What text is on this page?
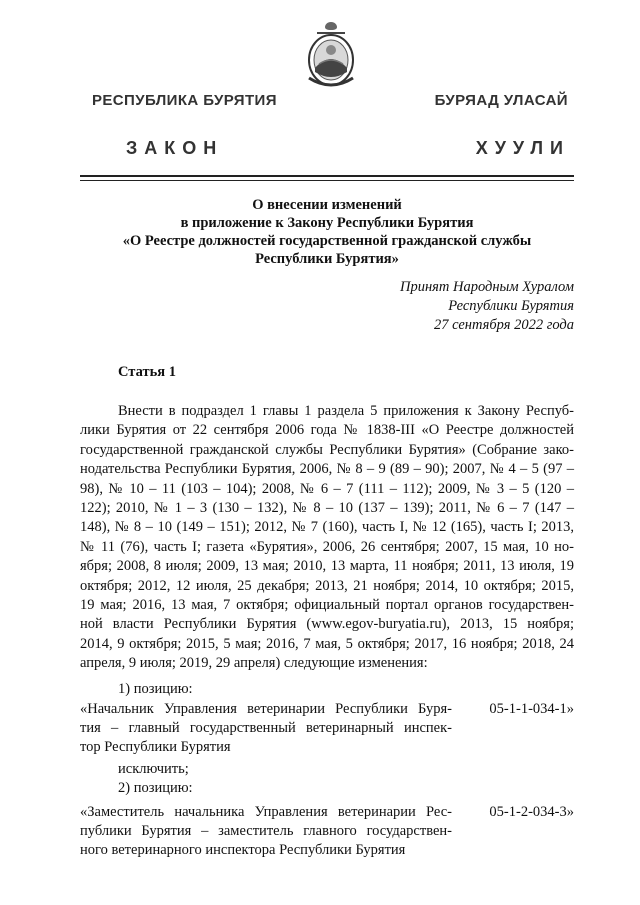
РЕСПУБЛИКА БУРЯТИЯ	БУРЯАД УЛАСАЙ
ЗАКОН	ХУУЛИ
О внесении изменений
в приложение к Закону Республики Бурятия
«О Реестре должностей государственной гражданской службы
Республики Бурятия»
Принят Народным Хуралом
Республики Бурятия
27 сентября 2022 года
Статья 1
Внести в подраздел 1 главы 1 раздела 5 приложения к Закону Респуб-
лики Бурятия от 22 сентября 2006 года № 1838-III «О Реестре должностей
государственной гражданской службы Республики Бурятия» (Собрание зако-
нодательства Республики Бурятия, 2006, № 8 – 9 (89 – 90); 2007, № 4 – 5 (97 –
98), № 10 – 11 (103 – 104); 2008, № 6 – 7 (111 – 112); 2009, № 3 – 5 (120 –
122); 2010, № 1 – 3 (130 – 132), № 8 – 10 (137 – 139); 2011, № 6 – 7 (147 –
148), № 8 – 10 (149 – 151); 2012, № 7 (160), часть I, № 12 (165), часть I; 2013,
№ 11 (76), часть I; газета «Бурятия», 2006, 26 сентября; 2007, 15 мая, 10 но-
ября; 2008, 8 июля; 2009, 13 мая; 2010, 13 марта, 11 ноября; 2011, 13 июля, 19
октября; 2012, 12 июля, 25 декабря; 2013, 21 ноября; 2014, 10 октября; 2015,
19 мая; 2016, 13 мая, 7 октября; официальный портал органов государствен-
ной власти Республики Бурятия (www.egov-buryatia.ru), 2013, 15 ноября;
2014, 9 октября; 2015, 5 мая; 2016, 7 мая, 5 октября; 2017, 16 ноября; 2018, 24
апреля, 9 июля; 2019, 29 апреля) следующие изменения:
1) позицию:
«Начальник Управления ветеринарии Республики Буря-
тия – главный государственный ветеринарный инспек-
тор Республики Бурятия
05-1-1-034-1»
исключить;
2) позицию:
«Заместитель начальника Управления ветеринарии Рес-
публики Бурятия – заместитель главного государствен-
ного ветеринарного инспектора Республики Бурятия
05-1-2-034-3»
